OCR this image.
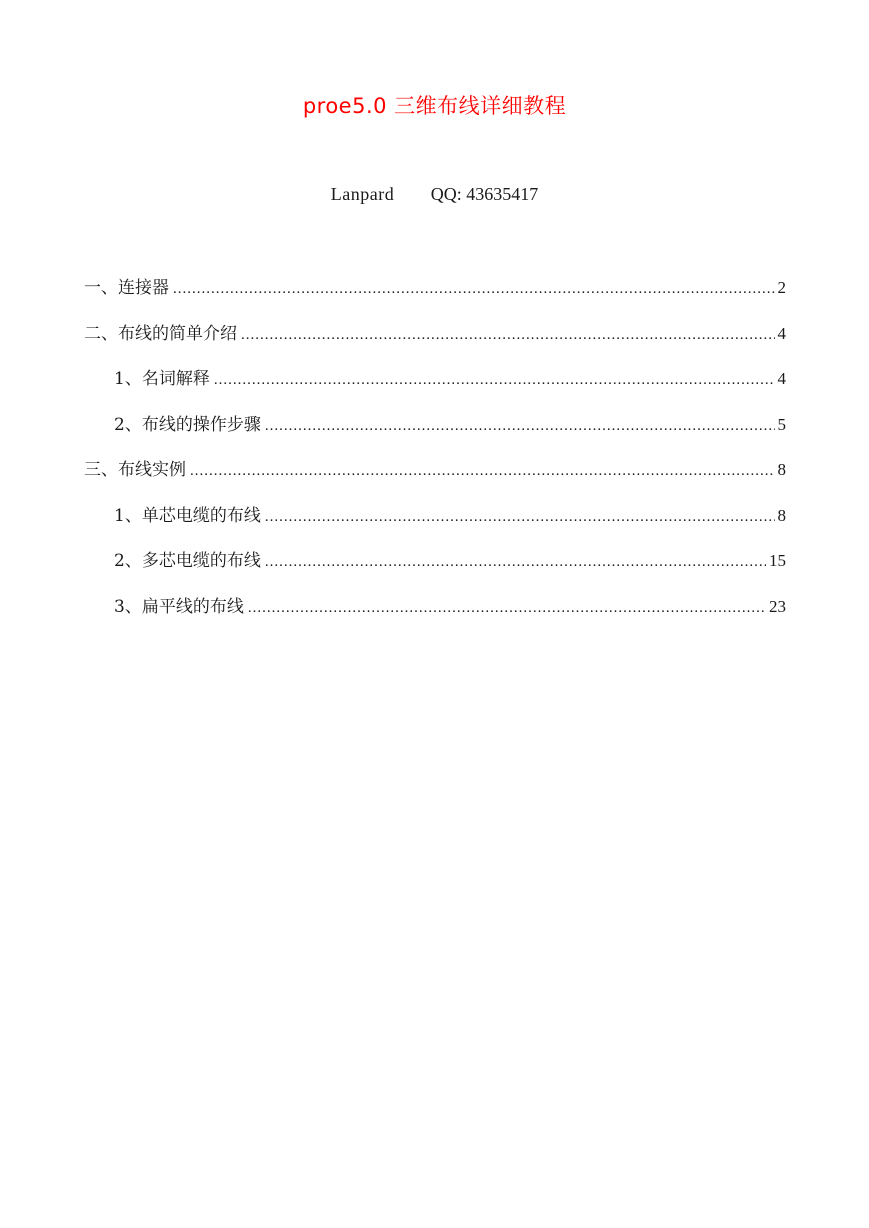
proe5.0 三维布线详细教程
Lanpard QQ: 43635417
一、连接器 .....	2
二、布线的简单介绍 .....	4
1、名词解释 .....	4
2、布线的操作步骤 .....	5
三、布线实例 .....	8
1、单芯电缆的布线 .....	8
2、多芯电缆的布线 .....	15
3、扁平线的布线 .....	23
